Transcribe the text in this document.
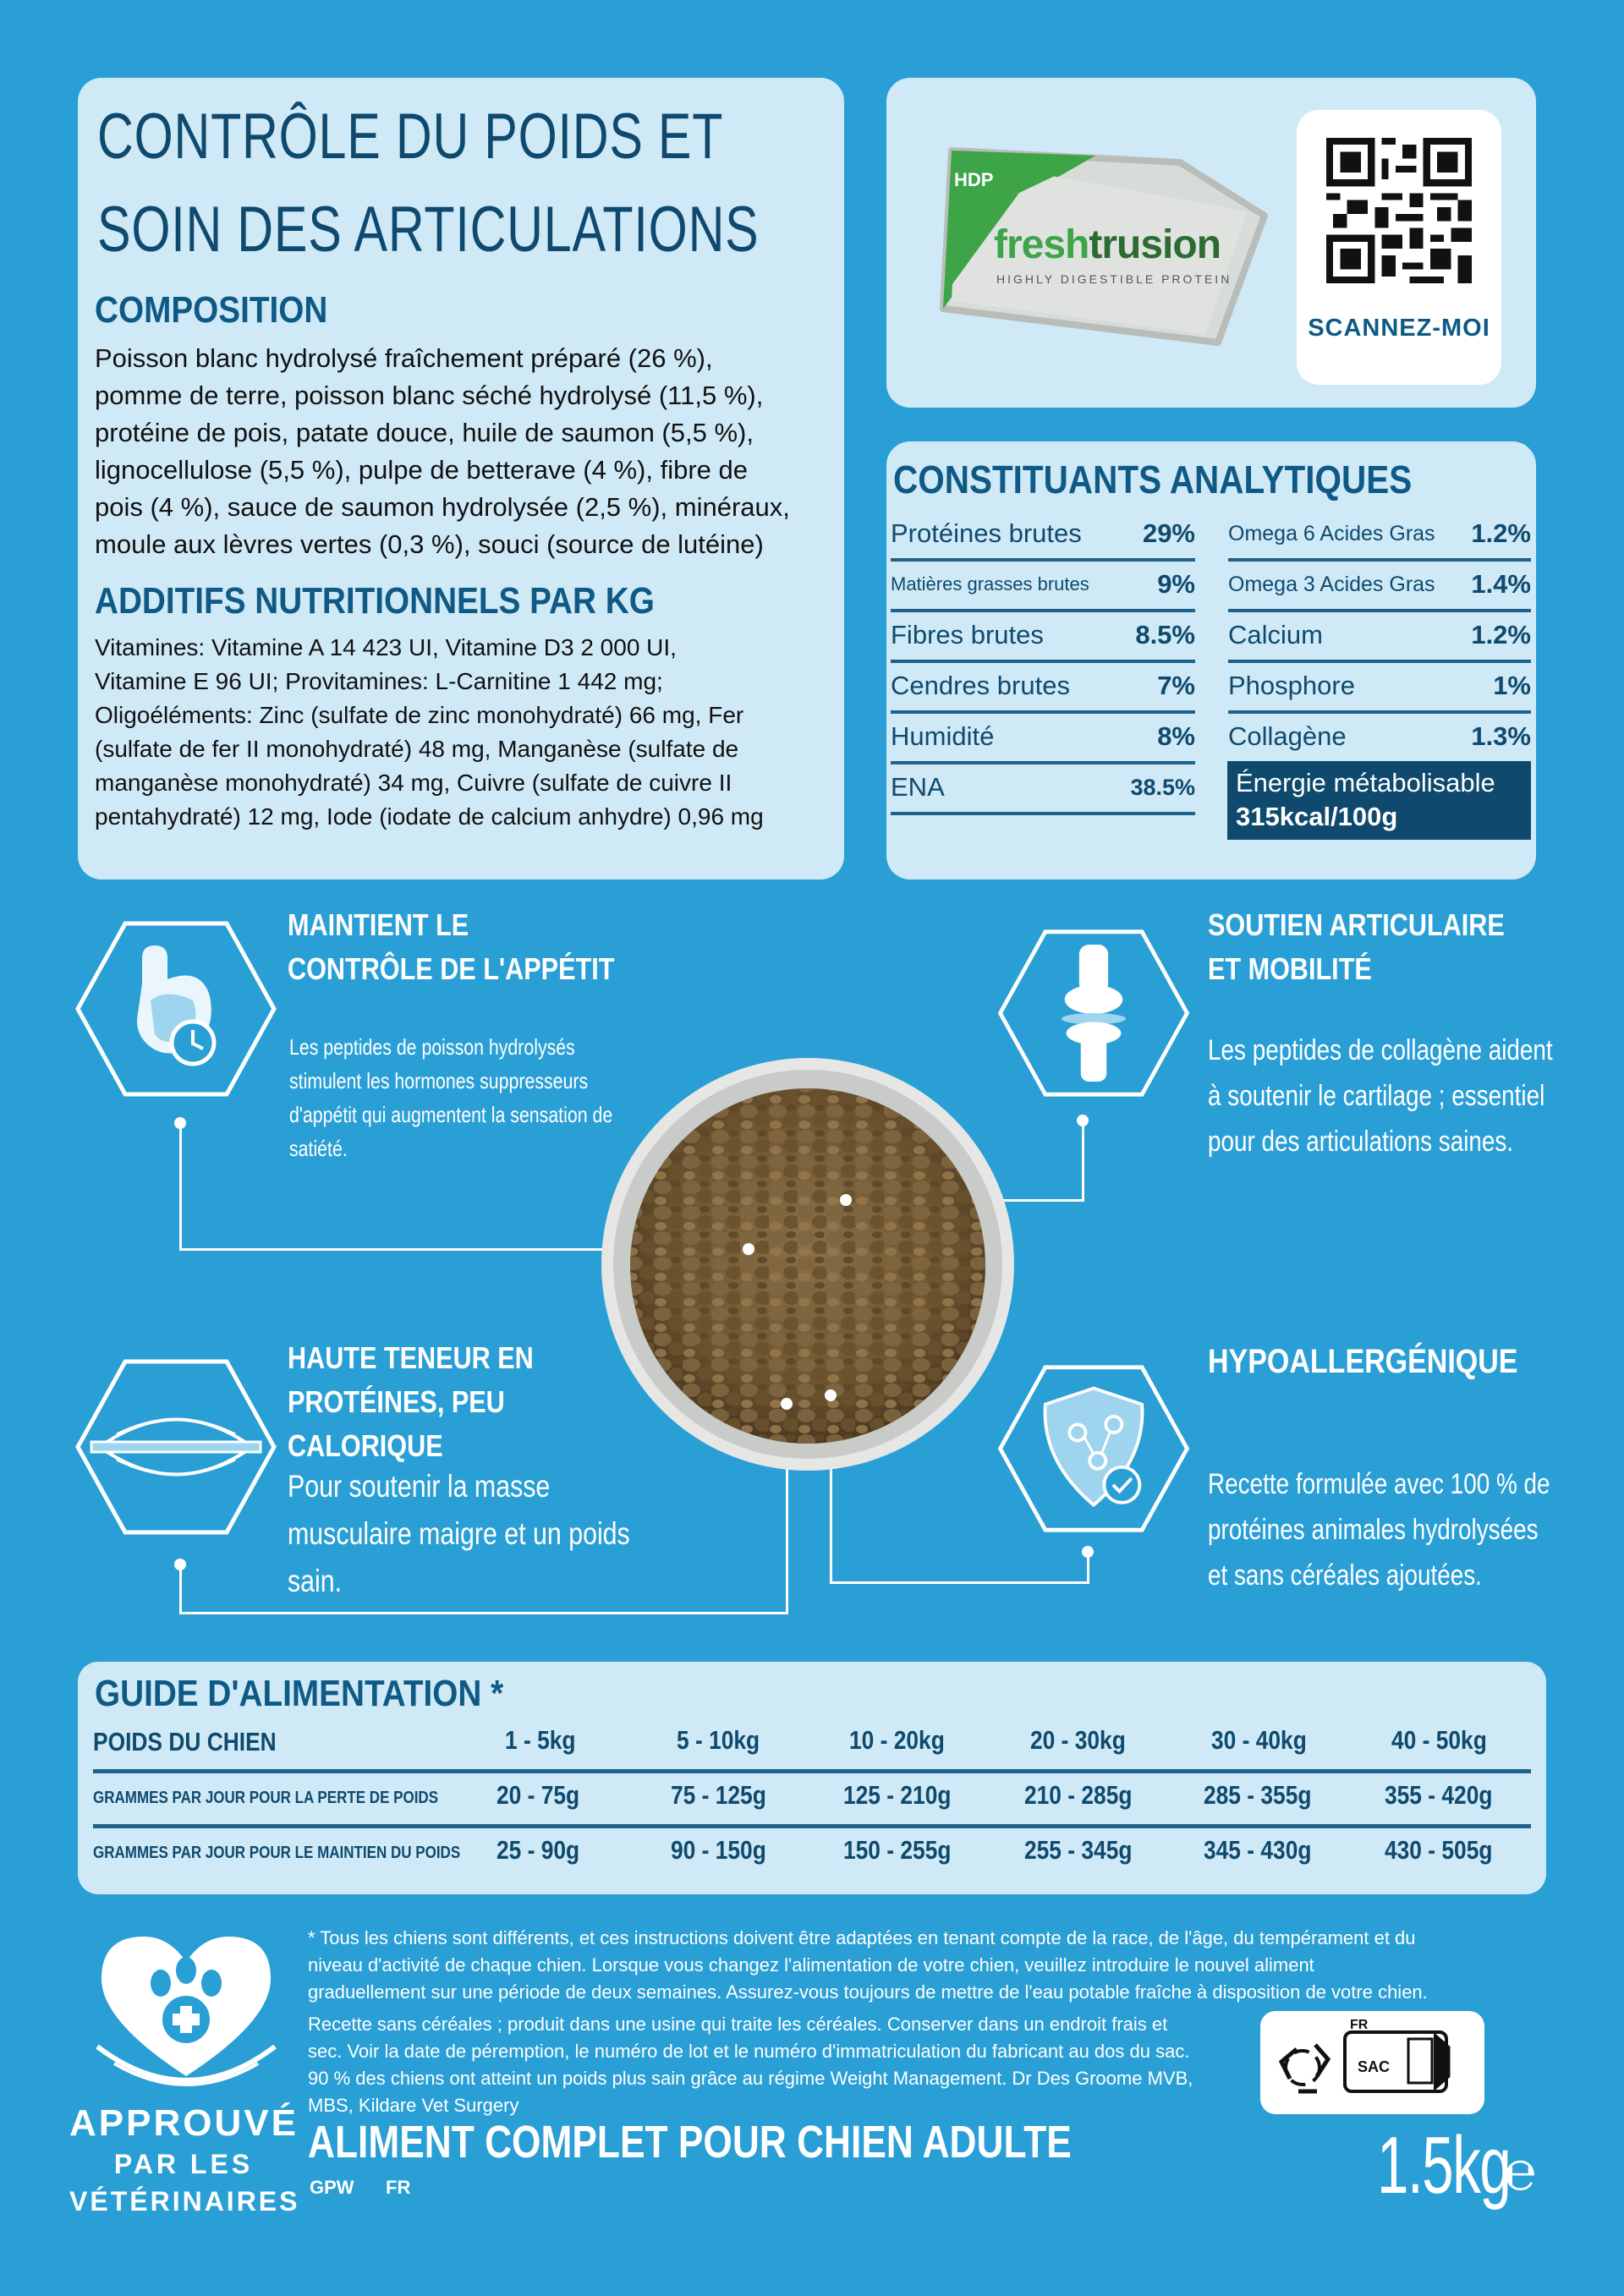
CONTRÔLE DU POIDS ET
SOIN DES ARTICULATIONS
COMPOSITION
Poisson blanc hydrolysé fraîchement préparé (26 %),
pomme de terre, poisson blanc séché hydrolysé (11,5 %),
protéine de pois, patate douce, huile de saumon (5,5 %),
lignocellulose (5,5 %), pulpe de betterave (4 %), fibre de
pois (4 %), sauce de saumon hydrolysée (2,5 %), minéraux,
moule aux lèvres vertes (0,3 %), souci (source de lutéine)
ADDITIFS NUTRITIONNELS PAR KG
Vitamines: Vitamine A 14 423 UI, Vitamine D3 2 000 UI,
Vitamine E 96 UI; Provitamines: L-Carnitine 1 442 mg;
Oligoéléments: Zinc (sulfate de zinc monohydraté) 66 mg, Fer
(sulfate de fer II monohydraté) 48 mg, Manganèse (sulfate de
manganèse monohydraté) 34 mg, Cuivre (sulfate de cuivre II
pentahydraté) 12 mg, Iode (iodate de calcium anhydre) 0,96 mg
HDP
freshtrusion
HIGHLY DIGESTIBLE PROTEIN
SCANNEZ-MOI
CONSTITUANTS ANALYTIQUES
Protéines brutes 29%
Matières grasses brutes	9%
Fibres brutes	8.5%
Cendres brutes	7%
Humidité	8%
ENA	38.5%
Omega 6 Acides Gras 1.2%
Omega 3 Acides Gras 1.4%
Calcium	1.2%
Phosphore	1%
Collagène	1.3%
Énergie métabolisable
315kcal/100g
MAINTIENT LE
CONTRÔLE DE L'APPÉTIT
Les peptides de poisson hydrolysés
stimulent les hormones suppresseurs
d'appétit qui augmentent la sensation de
satiété.
SOUTIEN ARTICULAIRE
ET MOBILITÉ
Les peptides de collagène aident
à soutenir le cartilage ; essentiel
pour des articulations saines.
HAUTE TENEUR EN
PROTÉINES, PEU
CALORIQUE
Pour soutenir la masse
musculaire maigre et un poids
sain.
HYPOALLERGÉNIQUE
Recette formulée avec 100 % de
protéines animales hydrolysées
et sans céréales ajoutées.
GUIDE D'ALIMENTATION *
POIDS DU CHIEN	1 - 5kg	5 - 10kg	10 - 20kg	20 - 30kg	30 - 40kg	40 - 50kg
GRAMMES PAR JOUR POUR LA PERTE DE POIDS 20 - 75g	75 - 125g	125 - 210g	210 - 285g	285 - 355g	355 - 420g
GRAMMES PAR JOUR POUR LE MAINTIEN DU POIDS 25 - 90g	90 - 150g	150 - 255g	255 - 345g	345 - 430g	430 - 505g
APPROUVÉ
PAR LES
VÉTÉRINAIRES
* Tous les chiens sont différents, et ces instructions doivent être adaptées en tenant compte de la race, de l'âge, du tempérament et du
niveau d'activité de chaque chien. Lorsque vous changez l'alimentation de votre chien, veuillez introduire le nouvel aliment
graduellement sur une période de deux semaines. Assurez-vous toujours de mettre de l'eau potable fraîche à disposition de votre chien.
Recette sans céréales ; produit dans une usine qui traite les céréales. Conserver dans un endroit frais et
sec. Voir la date de péremption, le numéro de lot et le numéro d'immatriculation du fabricant au dos du sac.
90 % des chiens ont atteint un poids plus sain grâce au régime Weight Management. Dr Des Groome MVB,
MBS, Kildare Vet Surgery
FR
SAC
ALIMENT COMPLET POUR CHIEN ADULTE
GPW FR	1.5kg
℮
